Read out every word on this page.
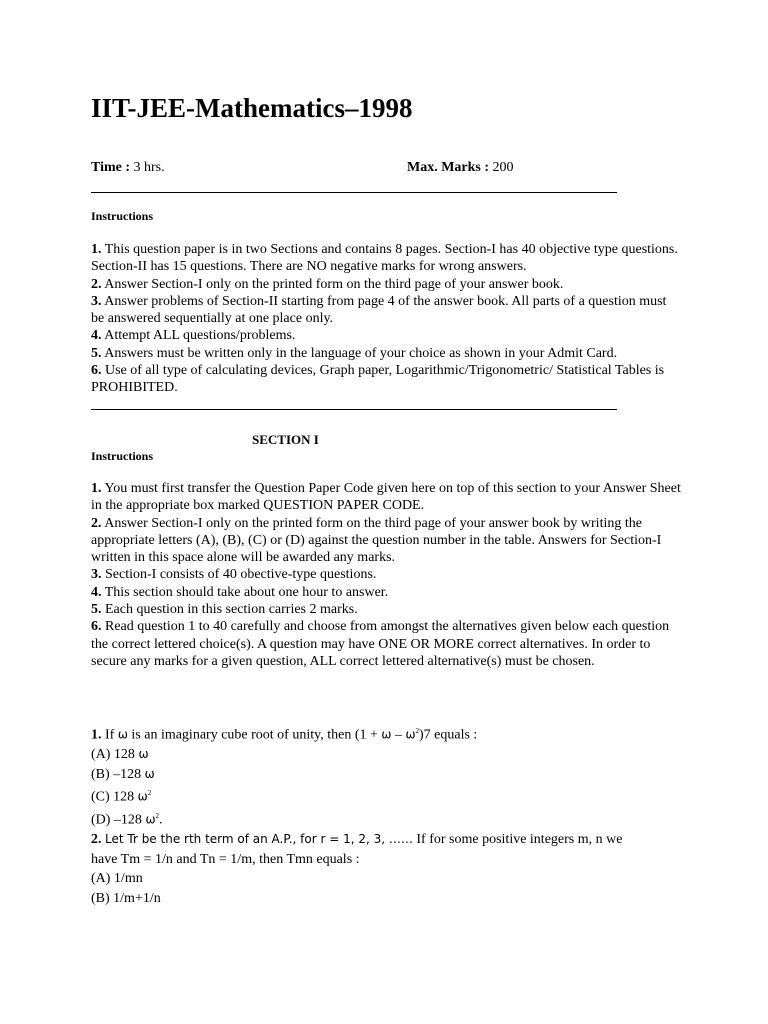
IIT-JEE-Mathematics–1998
Time : 3 hrs.	Max. Marks : 200
Instructions

1. This question paper is in two Sections and contains 8 pages. Section-I has 40 objective type questions. Section-II has 15 questions. There are NO negative marks for wrong answers.

2. Answer Section-I only on the printed form on the third page of your answer book.

3. Answer problems of Section-II starting from page 4 of the answer book. All parts of a question must be answered sequentially at one place only.

4. Attempt ALL questions/problems.

5. Answers must be written only in the language of your choice as shown in your Admit Card.

6. Use of all type of calculating devices, Graph paper, Logarithmic/Trigonometric/ Statistical Tables is PROHIBITED.

SECTION I
Instructions

1. You must first transfer the Question Paper Code given here on top of this section to your Answer Sheet in the appropriate box marked QUESTION PAPER CODE.

2. Answer Section-I only on the printed form on the third page of your answer book by writing the appropriate letters (A), (B), (C) or (D) against the question number in the table. Answers for Section-I written in this space alone will be awarded any marks.

3. Section-I consists of 40 obective-type questions.

4. This section should take about one hour to answer.

5. Each question in this section carries 2 marks.

6. Read question 1 to 40 carefully and choose from amongst the alternatives given below each question the correct lettered choice(s). A question may have ONE OR MORE correct alternatives. In order to secure any marks for a given question, ALL correct lettered alternative(s) must be chosen.

1. If ω is an imaginary cube root of unity, then $(1 + \omega - \omega^2)7$ equals :

(A) 128 ω

(B) –128 ω

(C) 128 $\omega^2$

(D) –128 $\omega^2$.

2. Let Tr be the rth term of an A.P., for r = 1, 2, 3, …… If for some positive integers m, n we

have Tm = 1/n and Tn = 1/m, then Tmn equals :

(A) 1/mn

(B) 1/m+1/n
